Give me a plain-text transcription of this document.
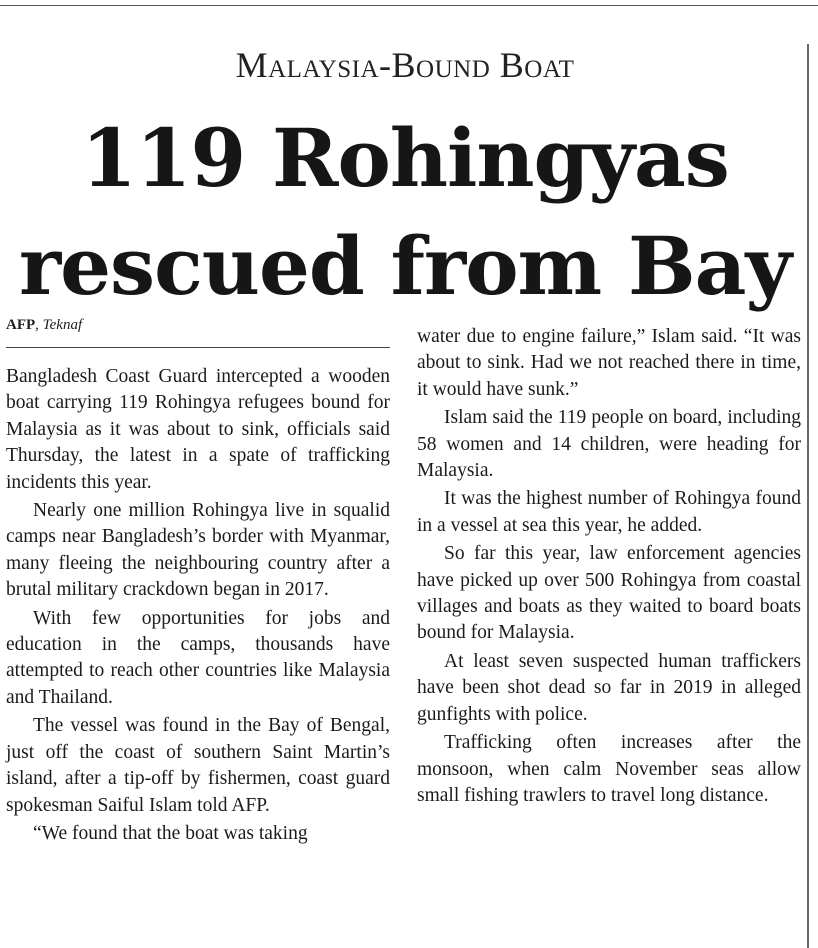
Malaysia-Bound Boat
119 Rohingyas
rescued from Bay
AFP, Teknaf

Bangladesh Coast Guard intercepted a wooden boat carrying 119 Rohingya refugees bound for Malaysia as it was about to sink, officials said Thursday, the latest in a spate of trafficking incidents this year.

Nearly one million Rohingya live in squalid camps near Bangladesh’s border with Myanmar, many fleeing the neighbouring country after a brutal military crackdown began in 2017.

With few opportunities for jobs and education in the camps, thousands have attempted to reach other countries like Malaysia and Thailand.

The vessel was found in the Bay of Bengal, just off the coast of southern Saint Martin’s island, after a tip-off by fishermen, coast guard spokesman Saiful Islam told AFP.

“We found that the boat was taking

water due to engine failure,” Islam said. “It was about to sink. Had we not reached there in time, it would have sunk.”

Islam said the 119 people on board, including 58 women and 14 children, were heading for Malaysia.

It was the highest number of Rohingya found in a vessel at sea this year, he added.

So far this year, law enforcement agencies have picked up over 500 Rohingya from coastal villages and boats as they waited to board boats bound for Malaysia.

At least seven suspected human traffickers have been shot dead so far in 2019 in alleged gunfights with police.

Trafficking often increases after the monsoon, when calm November seas allow small fishing trawlers to travel long distance.
